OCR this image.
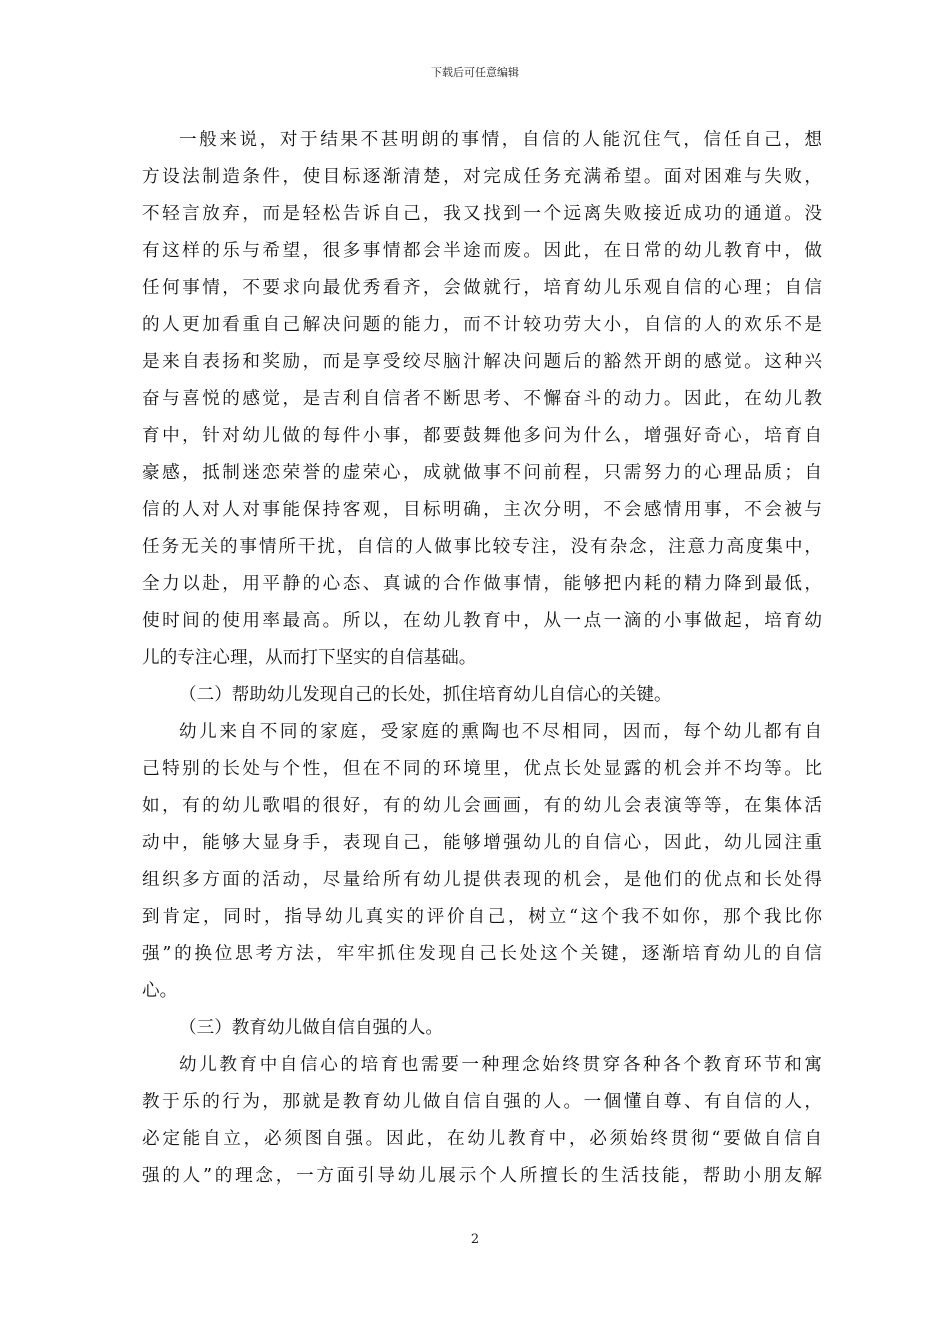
下载后可任意编辑
一般来说，对于结果不甚明朗的事情，自信的人能沉住气，信任自己，想
方设法制造条件，使目标逐渐清楚，对完成任务充满希望。面对困难与失败，
不轻言放弃，而是轻松告诉自己，我又找到一个远离失败接近成功的通道。没
有这样的乐与希望，很多事情都会半途而废。因此，在日常的幼儿教育中，做
任何事情，不要求向最优秀看齐，会做就行，培育幼儿乐观自信的心理；自信
的人更加看重自己解决问题的能力，而不计较功劳大小，自信的人的欢乐不是
是来自表扬和奖励，而是享受绞尽脑汁解决问题后的豁然开朗的感觉。这种兴
奋与喜悦的感觉，是吉利自信者不断思考、不懈奋斗的动力。因此，在幼儿教
育中，针对幼儿做的每件小事，都要鼓舞他多问为什么，增强好奇心，培育自
豪感，抵制迷恋荣誉的虚荣心，成就做事不问前程，只需努力的心理品质；自
信的人对人对事能保持客观，目标明确，主次分明，不会感情用事，不会被与
任务无关的事情所干扰，自信的人做事比较专注，没有杂念，注意力高度集中，
全力以赴，用平静的心态、真诚的合作做事情，能够把内耗的精力降到最低，
使时间的使用率最高。所以，在幼儿教育中，从一点一滴的小事做起，培育幼
儿的专注心理，从而打下坚实的自信基础。
（二）帮助幼儿发现自己的长处，抓住培育幼儿自信心的关键。
幼儿来自不同的家庭，受家庭的熏陶也不尽相同，因而，每个幼儿都有自
己特别的长处与个性，但在不同的环境里，优点长处显露的机会并不均等。比
如，有的幼儿歌唱的很好，有的幼儿会画画，有的幼儿会表演等等，在集体活
动中，能够大显身手，表现自己，能够增强幼儿的自信心，因此，幼儿园注重
组织多方面的活动，尽量给所有幼儿提供表现的机会，是他们的优点和长处得
到肯定，同时，指导幼儿真实的评价自己，树立“这个我不如你，那个我比你
强”的换位思考方法，牢牢抓住发现自己长处这个关键，逐渐培育幼儿的自信
心。
（三）教育幼儿做自信自强的人。
幼儿教育中自信心的培育也需要一种理念始终贯穿各种各个教育环节和寓
教于乐的行为，那就是教育幼儿做自信自强的人。一個懂自尊、有自信的人，
必定能自立，必须图自强。因此，在幼儿教育中，必须始终贯彻“要做自信自
强的人”的理念，一方面引导幼儿展示个人所擅长的生活技能，帮助小朋友解
2
